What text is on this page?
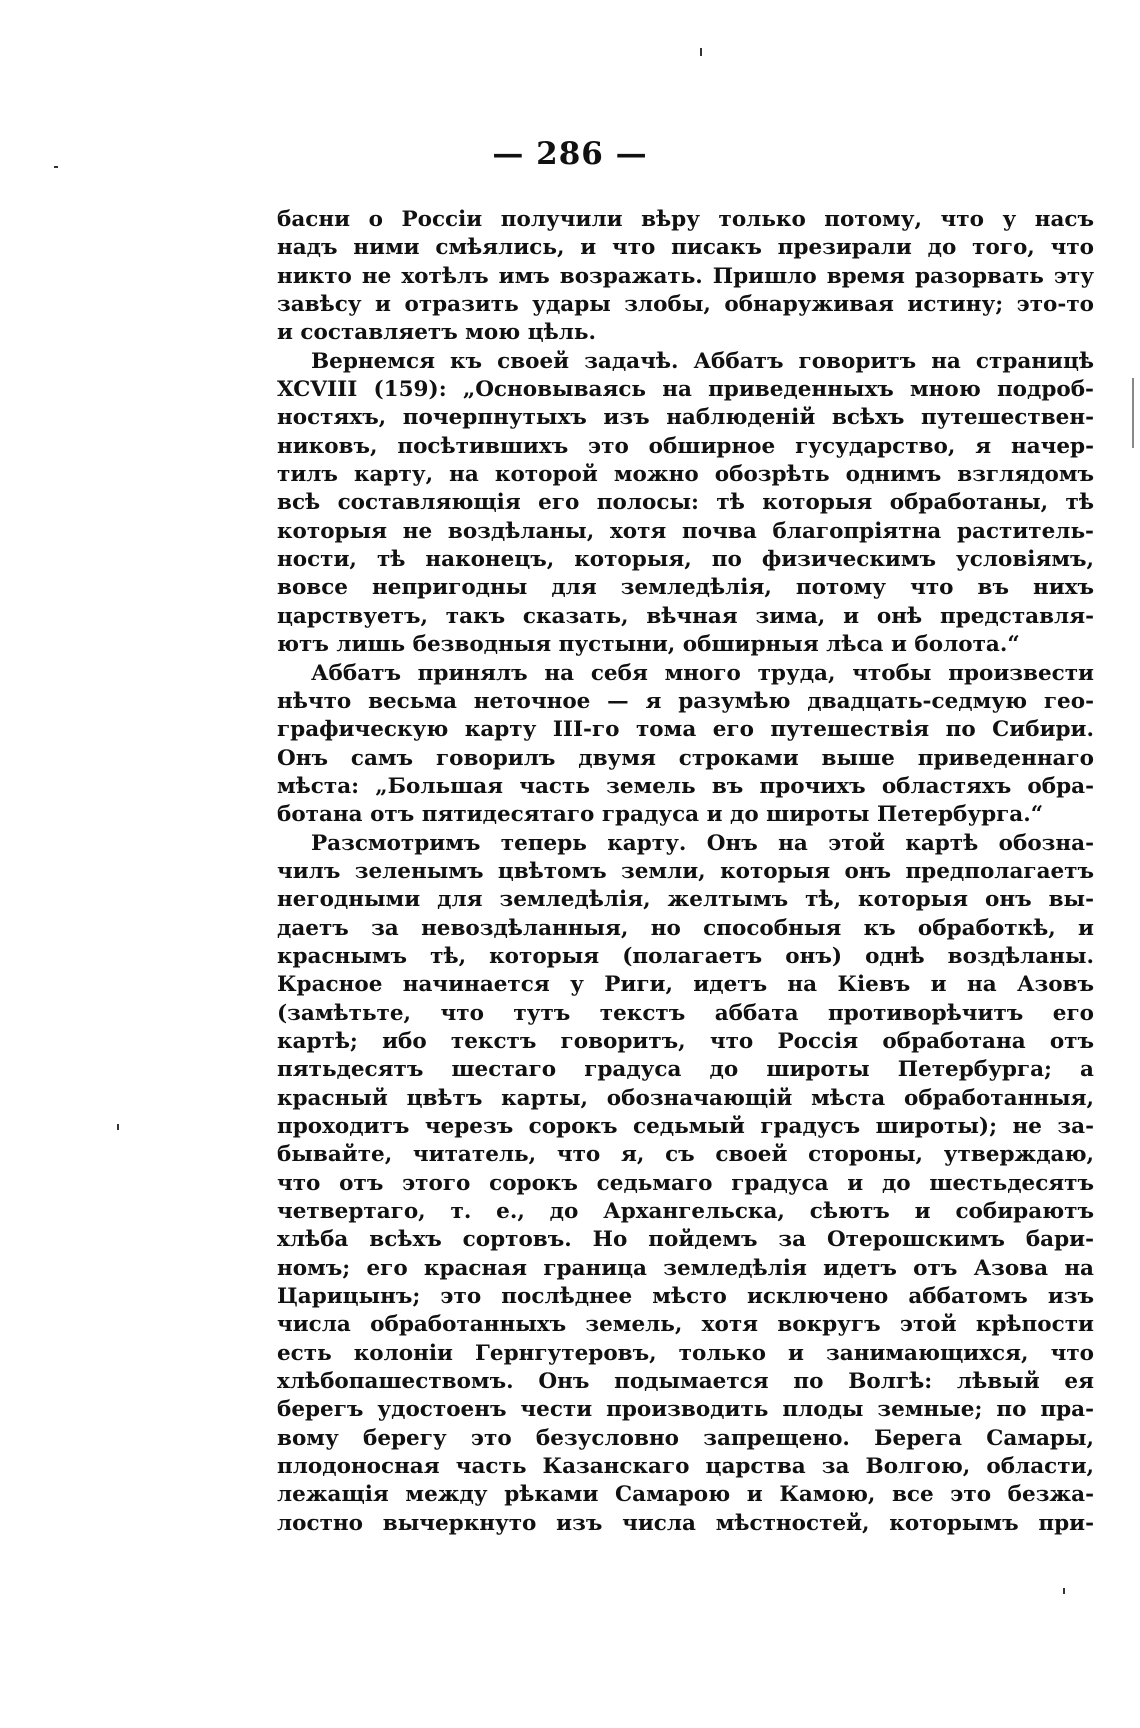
— 286 —
басни о Россіи получили вѣру только потому, что у насъ
надъ ними смѣялись, и что писакъ презирали до того, что
никто не хотѣлъ имъ возражать. Пришло время разорвать эту
завѣсу и отразить удары злобы, обнаруживая истину; это-то
и составляетъ мою цѣль.
Вернемся къ своей задачѣ. Аббатъ говоритъ на страницѣ
XCVIII (159): „Основываясь на приведенныхъ мною подроб-
ностяхъ, почерпнутыхъ изъ наблюденій всѣхъ путешествен-
никовъ, посѣтившихъ это обширное гусударство, я начер-
тилъ карту, на которой можно обозрѣть однимъ взглядомъ
всѣ составляющія его полосы: тѣ которыя обработаны, тѣ
которыя не воздѣланы, хотя почва благопріятна раститель-
ности, тѣ наконецъ, которыя, по физическимъ условіямъ,
вовсе непригодны для земледѣлія, потому что въ нихъ
царствуетъ, такъ сказать, вѣчная зима, и онѣ представля-
ютъ лишь безводныя пустыни, обширныя лѣса и болота.“
Аббатъ принялъ на себя много труда, чтобы произвести
нѣчто весьма неточное — я разумѣю двадцать-седмую гео-
графическую карту III-го тома его путешествія по Сибири.
Онъ самъ говорилъ двумя строками выше приведеннаго
мѣста: „Большая часть земель въ прочихъ областяхъ обра-
ботана отъ пятидесятаго градуса и до широты Петербурга.“
Разсмотримъ теперь карту. Онъ на этой картѣ обозна-
чилъ зеленымъ цвѣтомъ земли, которыя онъ предполагаетъ
негодными для земледѣлія, желтымъ тѣ, которыя онъ вы-
даетъ за невоздѣланныя, но способныя къ обработкѣ, и
краснымъ тѣ, которыя (полагаетъ онъ) однѣ воздѣланы.
Красное начинается у Риги, идетъ на Кіевъ и на Азовъ
(замѣтьте, что тутъ текстъ аббата противорѣчитъ его
картѣ; ибо текстъ говоритъ, что Россія обработана отъ
пятьдесятъ шестаго градуса до широты Петербурга; а
красный цвѣтъ карты, обозначающій мѣста обработанныя,
проходитъ черезъ сорокъ седьмый градусъ широты); не за-
бывайте, читатель, что я, съ своей стороны, утверждаю,
что отъ этого сорокъ седьмаго градуса и до шестьдесятъ
четвертаго, т. е., до Архангельска, сѣютъ и собираютъ
хлѣба всѣхъ сортовъ. Но пойдемъ за Отерошскимъ бари-
номъ; его красная граница земледѣлія идетъ отъ Азова на
Царицынъ; это послѣднее мѣсто исключено аббатомъ изъ
числа обработанныхъ земель, хотя вокругъ этой крѣпости
есть колоніи Гернгутеровъ, только и занимающихся, что
хлѣбопашествомъ. Онъ подымается по Волгѣ: лѣвый ея
берегъ удостоенъ чести производить плоды земные; по пра-
вому берегу это безусловно запрещено. Берега Самары,
плодоносная часть Казанскаго царства за Волгою, области,
лежащія между рѣками Самарою и Камою, все это безжа-
лостно вычеркнуто изъ числа мѣстностей, которымъ при-
